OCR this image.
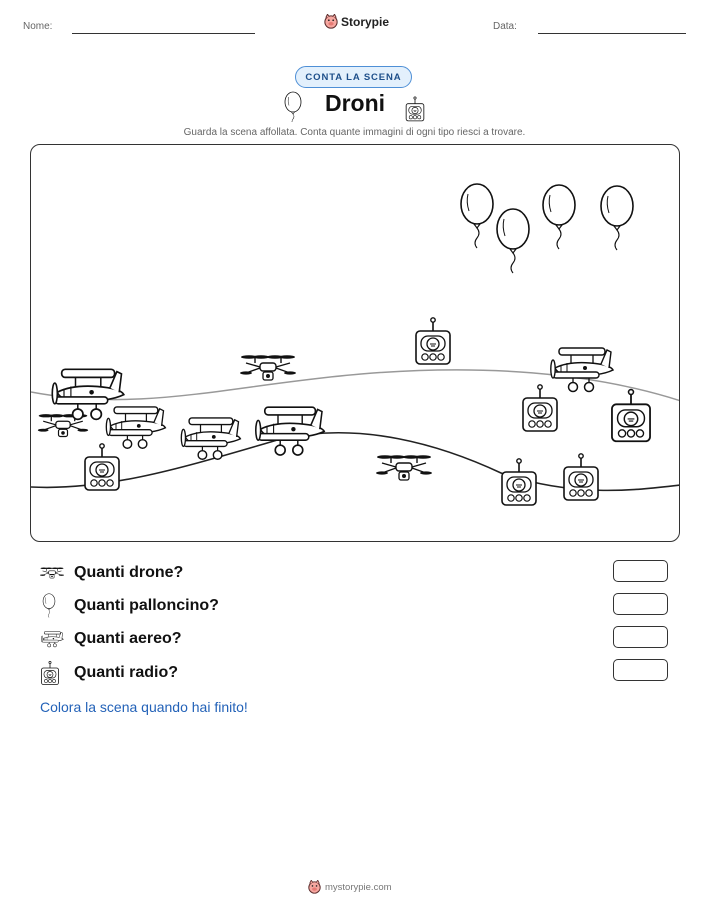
Nome:	Storypie	Data:
CONTA LA SCENA
Droni
Guarda la scena affollata. Conta quante immagini di ogni tipo riesci a trovare.
Quanti drone?
Quanti palloncino?
Quanti aereo?
Quanti radio?
Colora la scena quando hai finito!
mystorypie.com
